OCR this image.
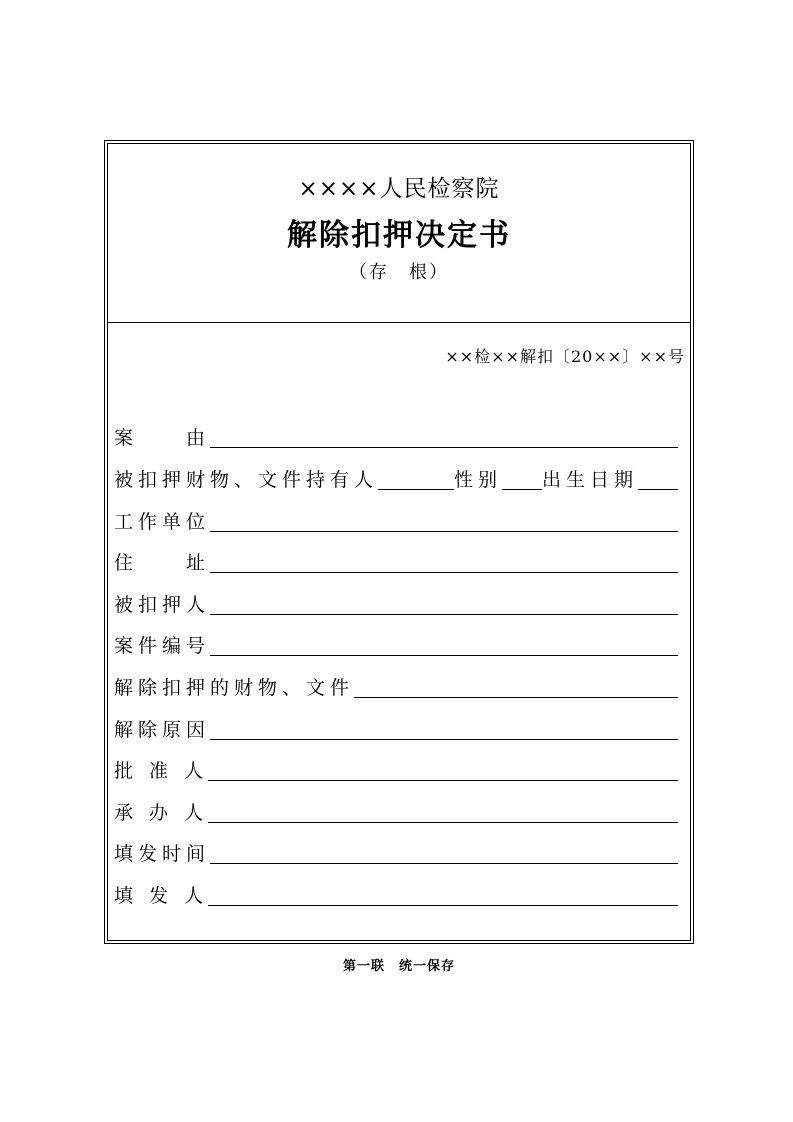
××××人民检察院
解除扣押决定书
（存　根）
××检××解扣〔20××〕××号
案　　由
被扣押财物、文件持有人	性别 出生日期
工作单位
住　　址
被扣押人
案件编号
解除扣押的财物、文件
解除原因
批 准 人
承 办 人
填发时间
填 发 人
第一联　统一保存
